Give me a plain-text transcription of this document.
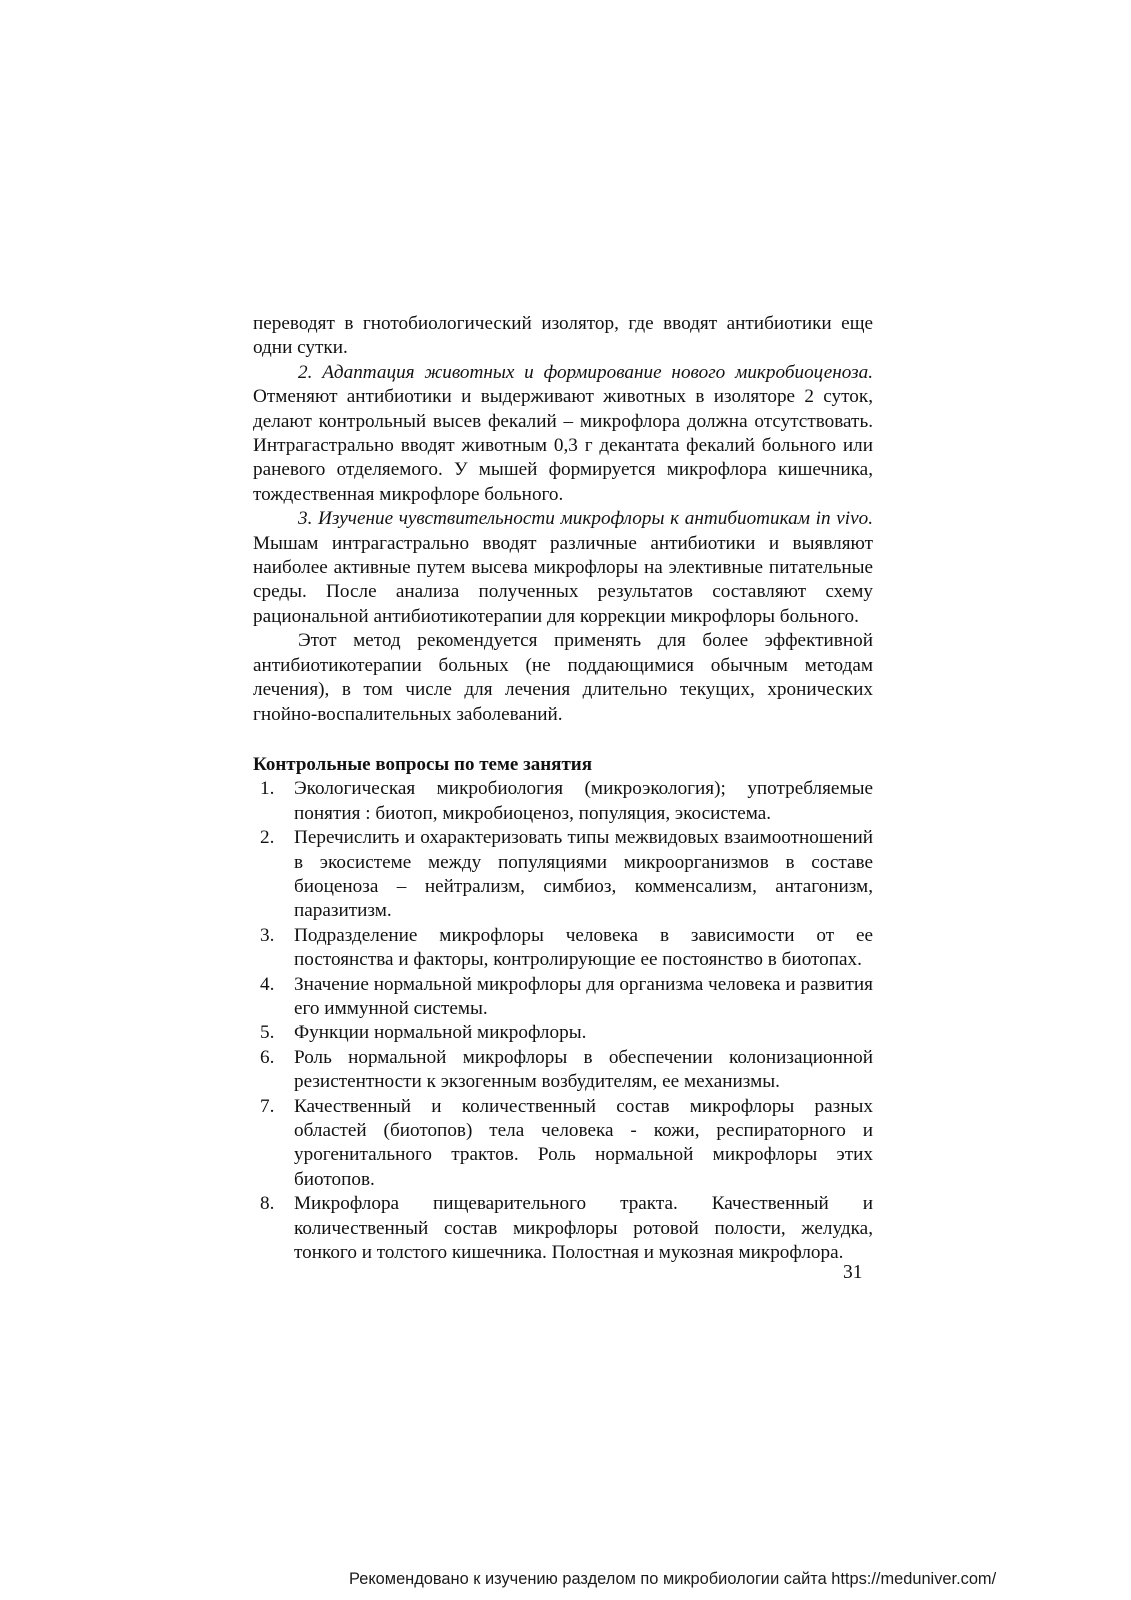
переводят в гнотобиологический изолятор, где вводят антибиотики еще одни сутки.

2. Адаптация животных и формирование нового микробиоценоза. Отменяют антибиотики и выдерживают животных в изоляторе 2 суток, делают контрольный высев фекалий – микрофлора должна отсутствовать. Интрагастрально вводят животным 0,3 г декантата фекалий больного или раневого отделяемого. У мышей формируется микрофлора кишечника, тождественная микрофлоре больного.

3. Изучение чувствительности микрофлоры к антибиотикам in vivo. Мышам интрагастрально вводят различные антибиотики и выявляют наиболее активные путем высева микрофлоры на элективные питательные среды. После анализа полученных результатов составляют схему рациональной антибиотикотерапии для коррекции микрофлоры больного.

Этот метод рекомендуется применять для более эффективной антибиотикотерапии больных (не поддающимися обычным методам лечения), в том числе для лечения длительно текущих, хронических гнойно-воспалительных заболеваний.

Контрольные вопросы по теме занятия

1. Экологическая микробиология (микроэкология); употребляемые понятия : биотоп, микробиоценоз, популяция, экосистема.
2. Перечислить и охарактеризовать типы межвидовых взаимоотношений в экосистеме между популяциями микроорганизмов в составе биоценоза – нейтрализм, симбиоз, комменсализм, антагонизм, паразитизм.
3. Подразделение микрофлоры человека в зависимости от ее постоянства и факторы, контролирующие ее постоянство в биотопах.
4. Значение нормальной микрофлоры для организма человека и развития его иммунной системы.
5. Функции нормальной микрофлоры.
6. Роль нормальной микрофлоры в обеспечении колонизационной резистентности к экзогенным возбудителям, ее механизмы.
7. Качественный и количественный состав микрофлоры разных областей (биотопов) тела человека - кожи, респираторного и урогенитального трактов. Роль нормальной микрофлоры этих биотопов.
8. Микрофлора пищеварительного тракта. Качественный и количественный состав микрофлоры ротовой полости, желудка, тонкого и толстого кишечника. Полостная и мукозная микрофлора.
31
Рекомендовано к изучению разделом по микробиологии сайта https://meduniver.com/
